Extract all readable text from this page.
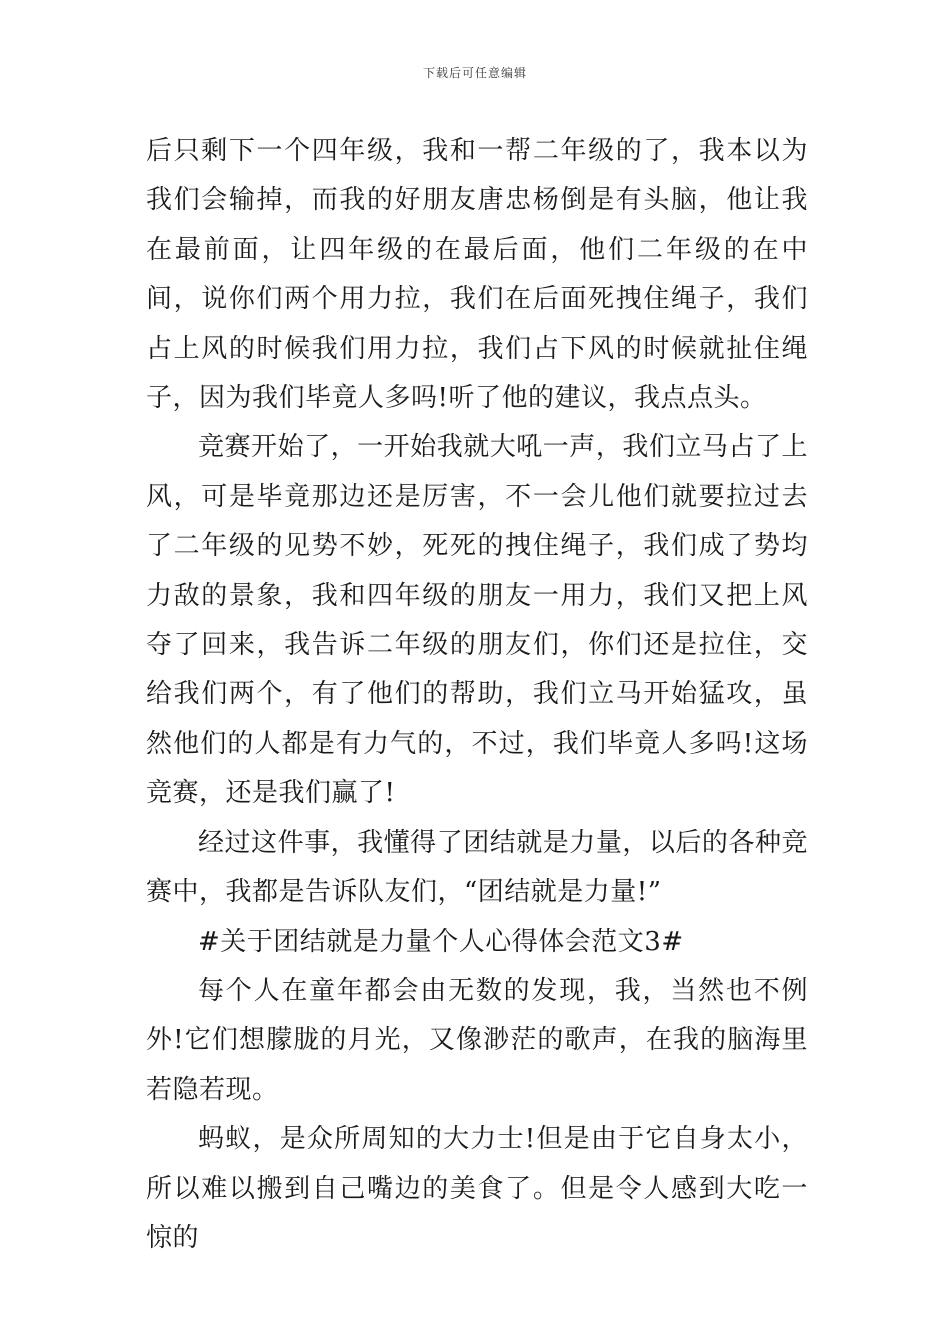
下载后可任意编辑

后只剩下一个四年级，我和一帮二年级的了，我本以为我们会输掉，而我的好朋友唐忠杨倒是有头脑，他让我在最前面，让四年级的在最后面，他们二年级的在中间，说你们两个用力拉，我们在后面死拽住绳子，我们占上风的时候我们用力拉，我们占下风的时候就扯住绳子，因为我们毕竟人多吗!听了他的建议，我点点头。

竞赛开始了，一开始我就大吼一声，我们立马占了上风，可是毕竟那边还是厉害，不一会儿他们就要拉过去了二年级的见势不妙，死死的拽住绳子，我们成了势均力敌的景象，我和四年级的朋友一用力，我们又把上风夺了回来，我告诉二年级的朋友们，你们还是拉住，交给我们两个，有了他们的帮助，我们立马开始猛攻，虽然他们的人都是有力气的，不过，我们毕竟人多吗!这场竞赛，还是我们赢了!

经过这件事，我懂得了团结就是力量，以后的各种竞赛中，我都是告诉队友们，“团结就是力量!”

#关于团结就是力量个人心得体会范文3#

每个人在童年都会由无数的发现，我，当然也不例外!它们想朦胧的月光，又像渺茫的歌声，在我的脑海里若隐若现。

蚂蚁，是众所周知的大力士!但是由于它自身太小，所以难以搬到自己嘴边的美食了。但是令人感到大吃一惊的
